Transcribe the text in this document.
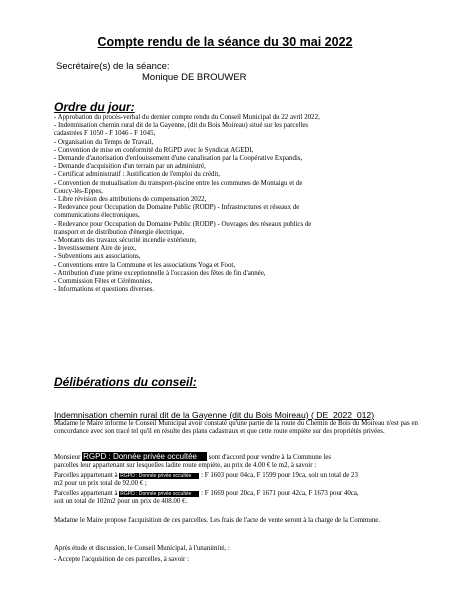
Compte rendu de la séance du 30 mai 2022
Secrétaire(s) de la séance:
Monique DE BROUWER
Ordre du jour:
- Approbation du procès-verbal du dernier compte rendu du Conseil Municipal du 22 avril 2022,
- Indemnisation chemin rural dit de la Gayenne, (dit du Bois Moireau) situé sur les parcelles
cadastrées F 1050 - F 1046 - F 1045,
- Organisation du Temps de Travail,
- Convention de mise en conformité du RGPD avec le Syndicat AGEDI,
- Demande d'autorisation d'enfouissement d'une canalisation par la Coopérative Expandis,
- Demande d'acquisition d'un terrain par un administré,
- Certificat administratif : Justification de l'emploi du crédit,
- Convention de mutualisation du transport-piscine entre les communes de Montaigu et de
Coucy-lès-Eppes,
- Libre révision des attributions de compensation 2022,
- Redevance pour Occupation du Domaine Public (RODP) - Infrastructures et réseaux de
communications électroniques,
- Redevance pour Occupation du Domaine Public (RODP) - Ouvrages des réseaux publics de
transport et de distribution d'énergie électrique,
- Montants des travaux sécurité incendie extérieure,
- Investissement Aire de jeux,
- Subventions aux associations,
- Conventions entre la Commune et les associations Yoga et Foot,
- Attribution d'une prime exceptionnelle à l'occasion des fêtes de fin d'année,
- Commission Fêtes et Cérémonies,
- Informations et questions diverses.
Délibérations du conseil:
Indemnisation chemin rural dit de la Gayenne (dit du Bois Moireau) ( DE_2022_012)

Madame le Maire informe le Conseil Municipal avoir constaté qu'une partie de la route du Chemin de Bois du Moireau n'est pas en concordance avec son tracé tel qu'il en résulte des plans cadastraux et que cette route empiète sur des propriétés privées.

Monsieur RGPD : Donnée privée occultée sont d'accord pour vendre à la Commune les
parcelles leur appartenant sur lesquelles ladite route empiète, au prix de 4.00 € le m2, à savoir :
Parcelles appartenant à RGPD : Donnée privée occultée : F 1603 pour 04ca, F 1599 pour 19ca, soit un total de 23
m2 pour un prix total de 92.00 € ;
Parcelles appartenant à RGPD : Donnée privée occultée : F 1669 pour 20ca, F 1671 pour 42ca, F 1673 pour 40ca,
soit un total de 102m2 pour un prix de 408.00 €.

Madame le Maire propose l'acquisition de ces parcelles. Les frais de l'acte de vente seront à la charge de la Commune.

Après étude et discussion, le Conseil Municipal, à l'unanimité, :

- Accepte l'acquisition de ces parcelles, à savoir :
